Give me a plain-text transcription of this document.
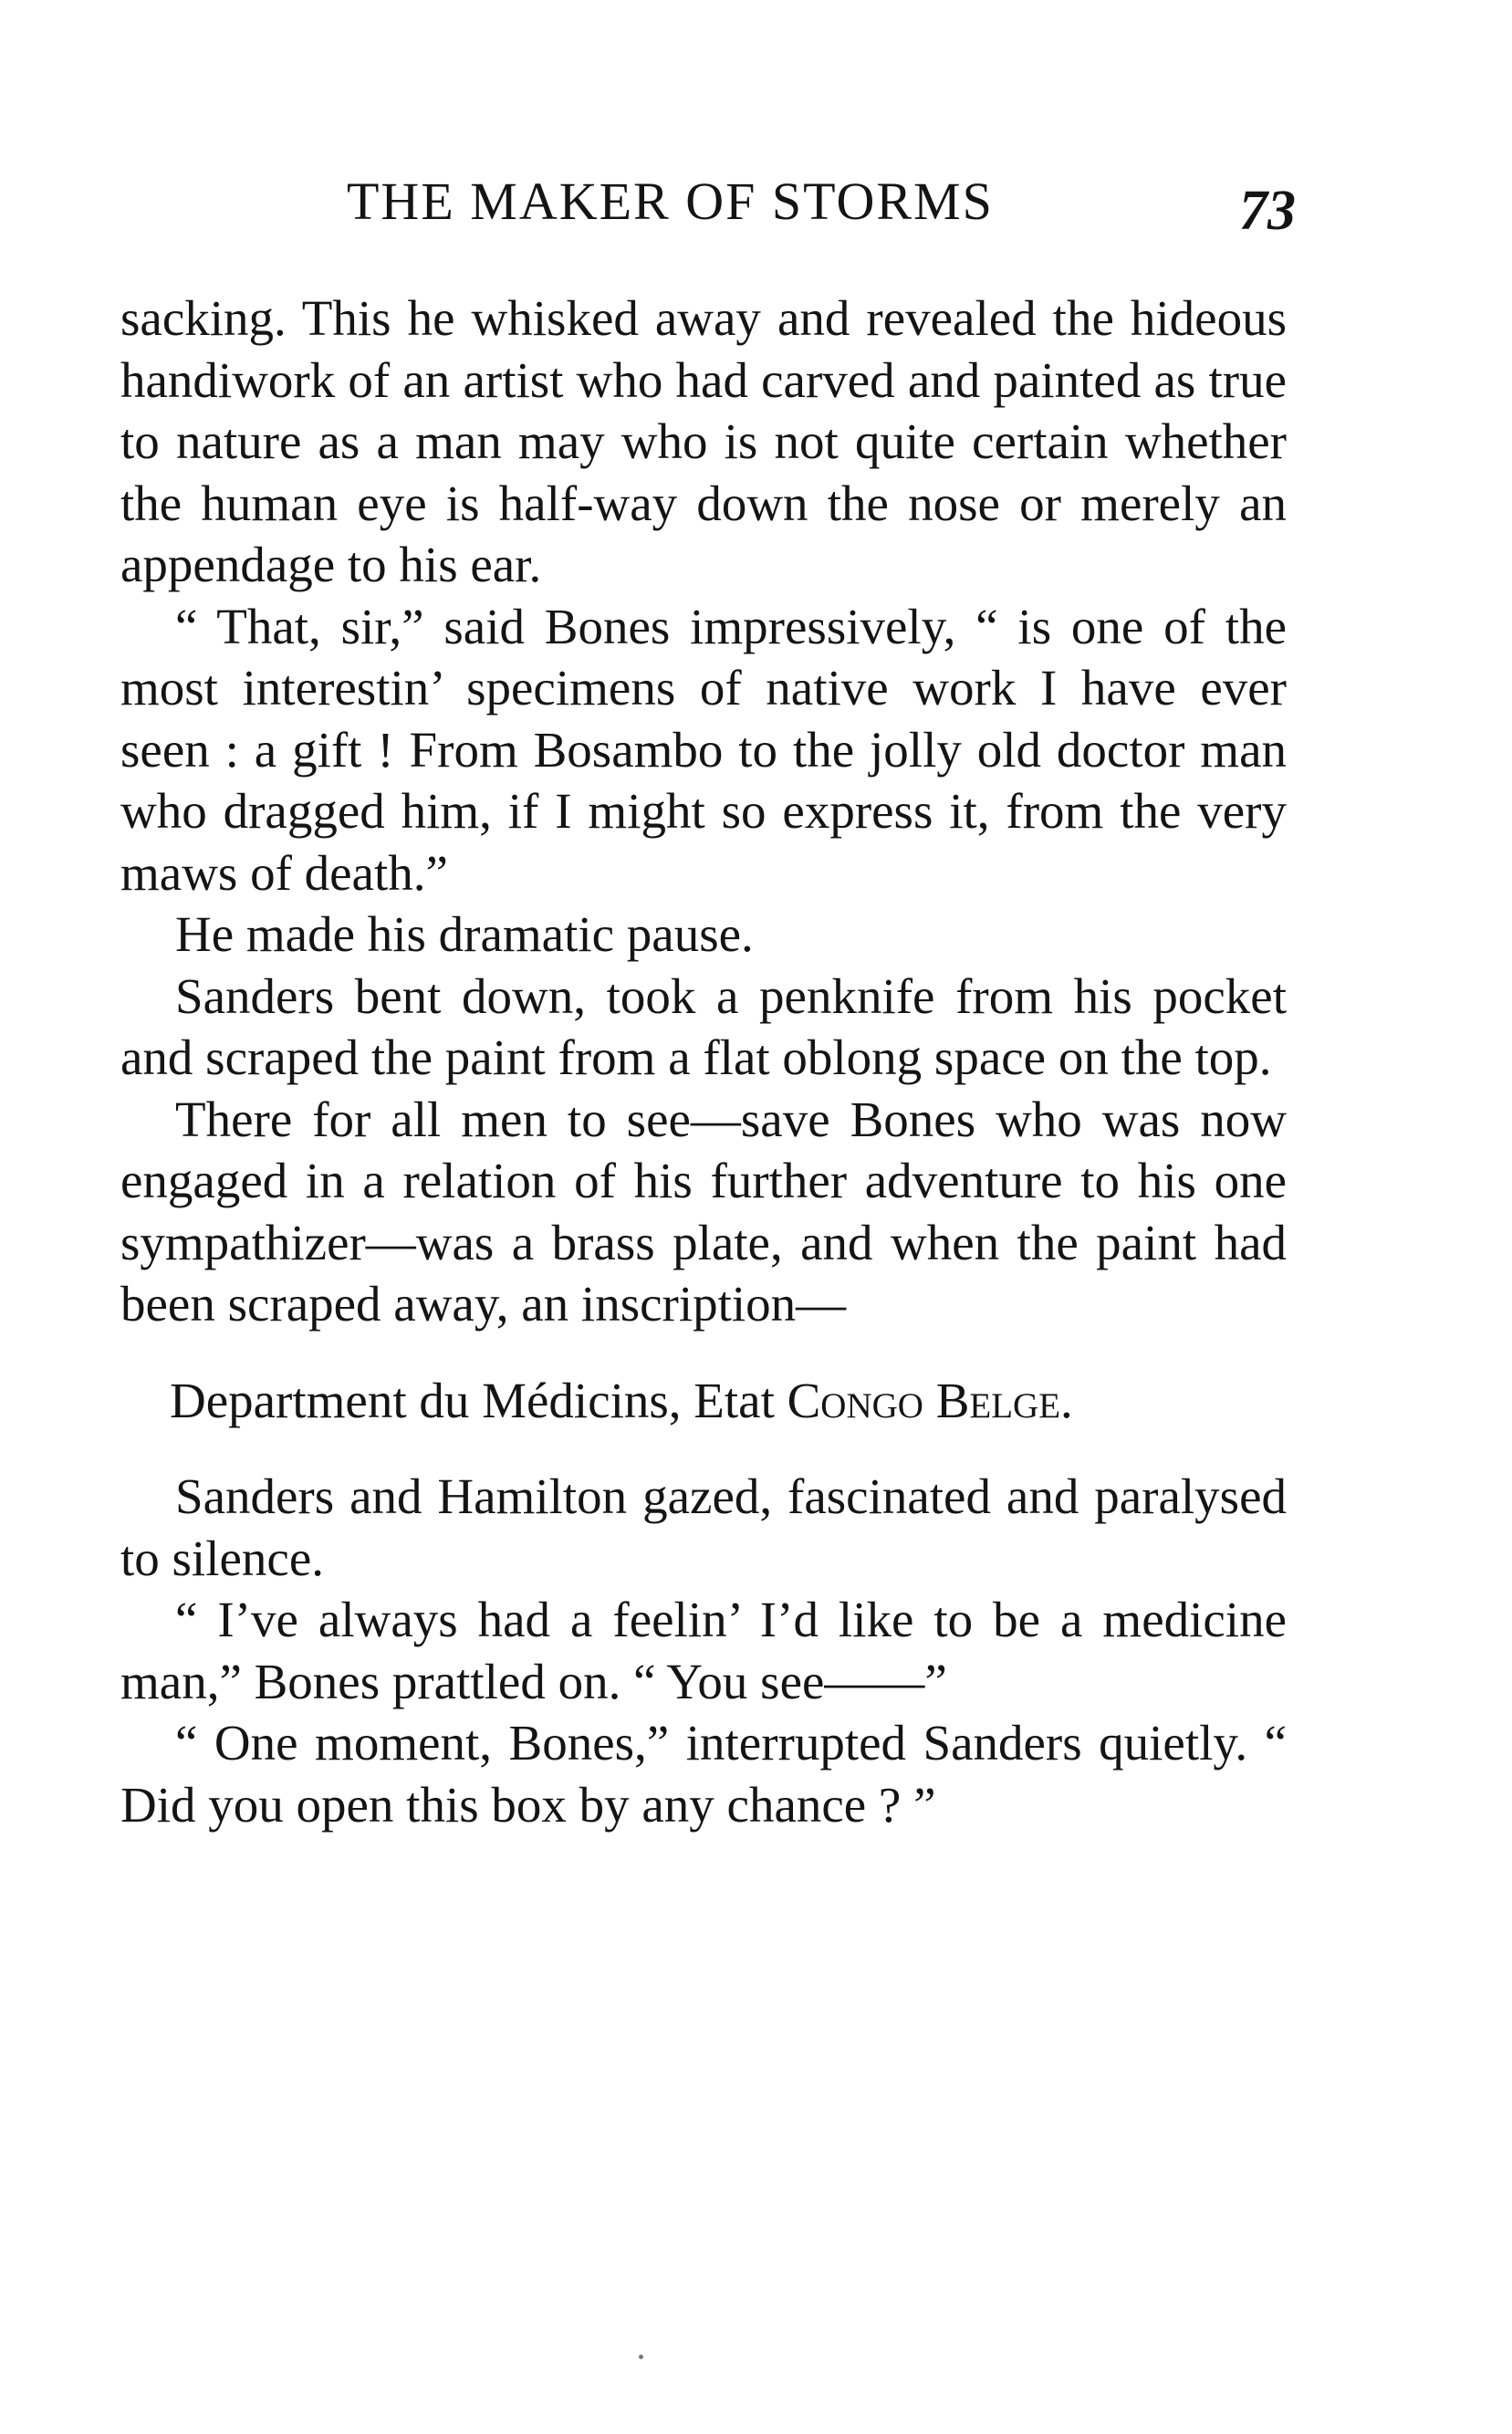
THE MAKER OF STORMS	73

sacking. This he whisked away and revealed the hideous handiwork of an artist who had carved and painted as true to nature as a man may who is not quite certain whether the human eye is half-way down the nose or merely an appendage to his ear.

“ That, sir,” said Bones impressively, “ is one of the most interestin’ specimens of native work I have ever seen : a gift ! From Bosambo to the jolly old doctor man who dragged him, if I might so express it, from the very maws of death.”

He made his dramatic pause.

Sanders bent down, took a penknife from his pocket and scraped the paint from a flat oblong space on the top.

There for all men to see—save Bones who was now engaged in a relation of his further adventure to his one sympathizer—was a brass plate, and when the paint had been scraped away, an inscription—

Department du Médicins, Etat Congo Belge.

Sanders and Hamilton gazed, fascinated and paralysed to silence.

“ I’ve always had a feelin’ I’d like to be a medicine man,” Bones prattled on. “ You see——”

“ One moment, Bones,” interrupted Sanders quietly. “ Did you open this box by any chance ? ”
